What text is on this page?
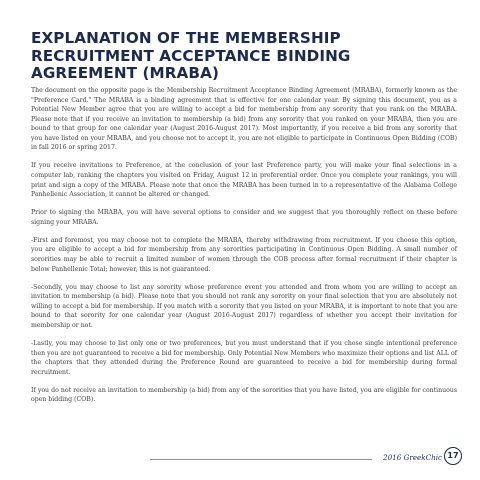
EXPLANATION OF THE MEMBERSHIP RECRUITMENT ACCEPTANCE BINDING AGREEMENT (MRABA)

The document on the opposite page is the Membership Recruitment Acceptance Binding Agreement (MRABA), formerly known as the "Preference Card." The MRABA is a binding agreement that is effective for one calendar year. By signing this document, you as a Potential New Member agree that you are willing to accept a bid for membership from any sorority that you rank on the MRABA. Please note that if you receive an invitation to membership (a bid) from any sorority that you ranked on your MRABA, then you are bound to that group for one calendar year (August 2016-August 2017). Most importantly, if you receive a bid from any sorority that you have listed on your MRABA, and you choose not to accept it, you are not eligible to participate in Continuous Open Bidding (COB) in fall 2016 or spring 2017.

If you receive invitations to Preference, at the conclusion of your last Preference party, you will make your final selections in a computer lab, ranking the chapters you visited on Friday, August 12 in preferential order. Once you complete your rankings, you will print and sign a copy of the MRABA. Please note that once the MRABA has been turned in to a representative of the Alabama College Panhellenic Association, it cannot be altered or changed.

Prior to signing the MRABA, you will have several options to consider and we suggest that you thoroughly reflect on these before signing your MRABA.

-First and foremost, you may choose not to complete the MRABA, thereby withdrawing from recruitment. If you choose this option, you are eligible to accept a bid for membership from any sororities participating in Continuous Open Bidding. A small number of sororities may be able to recruit a limited number of women through the COB process after formal recruitment if their chapter is below Panhellenic Total; however, this is not guaranteed.

-Secondly, you may choose to list any sorority whose preference event you attended and from whom you are willing to accept an invitation to membership (a bid). Please note that you should not rank any sorority on your final selection that you are absolutely not willing to accept a bid for membership. If you match with a sorority that you listed on your MRABA, it is important to note that you are bound to that sorority for one calendar year (August 2016-August 2017) regardless of whether you accept their invitation for membership or not.

-Lastly, you may choose to list only one or two preferences, but you must understand that if you chose single intentional preference then you are not guaranteed to receive a bid for membership. Only Potential New Members who maximize their options and list ALL of the chapters that they attended during the Preference Round are guaranteed to receive a bid for membership during formal recruitment.

If you do not receive an invitation to membership (a bid) from any of the sororities that you have listed, you are eligible for continuous open bidding (COB).

2016 GreekChic 17
